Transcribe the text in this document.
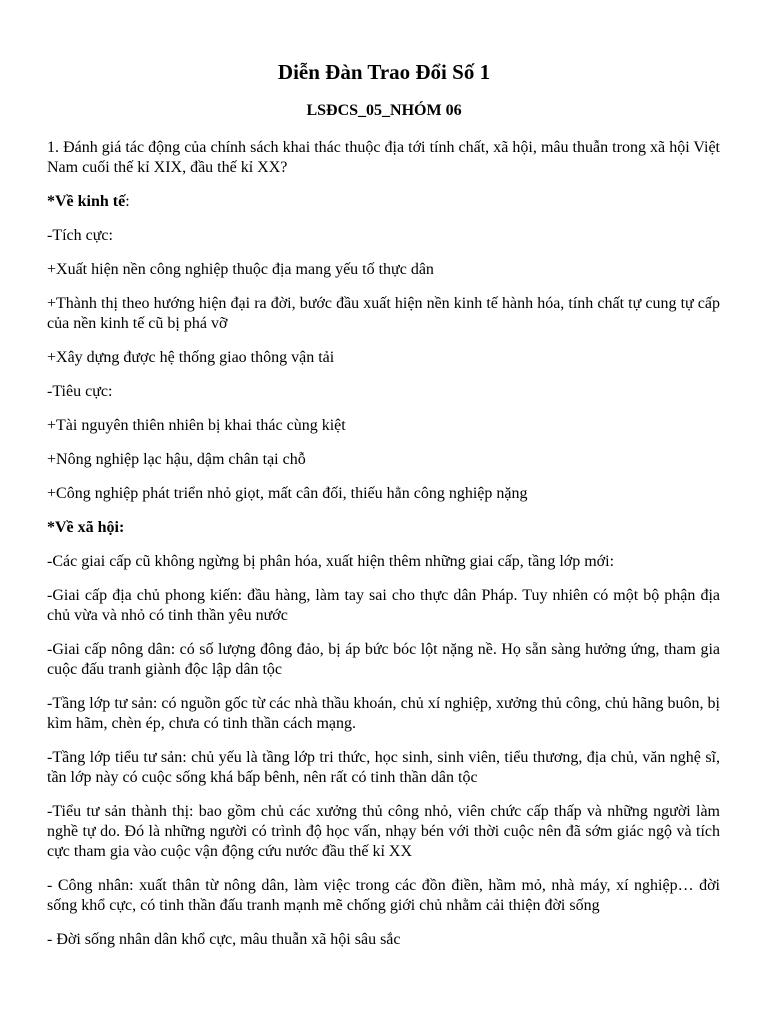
Diễn Đàn Trao Đổi Số 1
LSĐCS_05_NHÓM 06

1. Đánh giá tác động của chính sách khai thác thuộc địa tới tính chất, xã hội, mâu thuẫn trong xã hội Việt Nam cuối thế kỉ XIX, đầu thế kỉ XX?

*Về kinh tế:

-Tích cực:

+Xuất hiện nền công nghiệp thuộc địa mang yếu tố thực dân

+Thành thị theo hướng hiện đại ra đời, bước đầu xuất hiện nền kinh tế hành hóa, tính chất tự cung tự cấp của nền kinh tế cũ bị phá vỡ

+Xây dựng được hệ thống giao thông vận tải

-Tiêu cực:

+Tài nguyên thiên nhiên bị khai thác cùng kiệt

+Nông nghiệp lạc hậu, dậm chân tại chỗ

+Công nghiệp phát triển nhỏ giọt, mất cân đối, thiếu hẳn công nghiệp nặng

*Về xã hội:

-Các giai cấp cũ không ngừng bị phân hóa, xuất hiện thêm những giai cấp, tầng lớp mới:

-Giai cấp địa chủ phong kiến: đầu hàng, làm tay sai cho thực dân Pháp. Tuy nhiên có một bộ phận địa chủ vừa và nhỏ có tinh thần yêu nước

-Giai cấp nông dân: có số lượng đông đảo, bị áp bức bóc lột nặng nề. Họ sẵn sàng hưởng ứng, tham gia cuộc đấu tranh giành độc lập dân tộc

-Tầng lớp tư sản: có nguồn gốc từ các nhà thầu khoán, chủ xí nghiệp, xưởng thủ công, chủ hãng buôn, bị kìm hãm, chèn ép, chưa có tinh thần cách mạng.

-Tầng lớp tiểu tư sản: chủ yếu là tầng lớp tri thức, học sinh, sinh viên, tiểu thương, địa chủ, văn nghệ sĩ, tần lớp này có cuộc sống khá bấp bênh, nên rất có tinh thần dân tộc

-Tiểu tư sản thành thị: bao gồm chủ các xưởng thủ công nhỏ, viên chức cấp thấp và những người làm nghề tự do. Đó là những người có trình độ học vấn, nhạy bén với thời cuộc nên đã sớm giác ngộ và tích cực tham gia vào cuộc vận động cứu nước đầu thế kỉ XX

- Công nhân: xuất thân từ nông dân, làm việc trong các đồn điền, hầm mỏ, nhà máy, xí nghiệp… đời sống khổ cực, có tinh thần đấu tranh mạnh mẽ chống giới chủ nhằm cải thiện đời sống

- Đời sống nhân dân khổ cực, mâu thuẫn xã hội sâu sắc
